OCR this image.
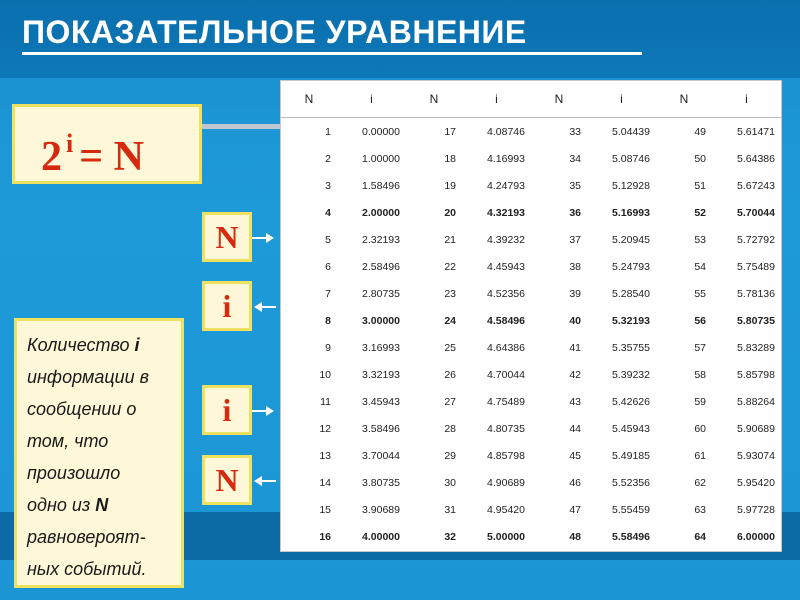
ПОКАЗАТЕЛЬНОЕ УРАВНЕНИЕ
2 $^i$ = N
N	i	N	i	N	i	N	i
1	0.00000	17	4.08746	33	5.04439	49	5.61471
2	1.00000	18	4.16993	34	5.08746	50	5.64386
3	1.58496	19	4.24793	35	5.12928	51	5.67243
4	2.00000	20	4.32193	36	5.16993	52	5.70044
5	2.32193	21	4.39232	37	5.20945	53	5.72792
6	2.58496	22	4.45943	38	5.24793	54	5.75489
7	2.80735	23	4.52356	39	5.28540	55	5.78136
8	3.00000	24	4.58496	40	5.32193	56	5.80735
9	3.16993	25	4.64386	41	5.35755	57	5.83289
10	3.32193	26	4.70044	42	5.39232	58	5.85798
11	3.45943	27	4.75489	43	5.42626	59	5.88264
12	3.58496	28	4.80735	44	5.45943	60	5.90689
13	3.70044	29	4.85798	45	5.49185	61	5.93074
14	3.80735	30	4.90689	46	5.52356	62	5.95420
15	3.90689	31	4.95420	47	5.55459	63	5.97728
16	4.00000	32	5.00000	48	5.58496	64	6.00000
N
i
i
N
Количество i
информации в
сообщении о
том, что
произошло
одно из N
равновероят-
ных событий.
